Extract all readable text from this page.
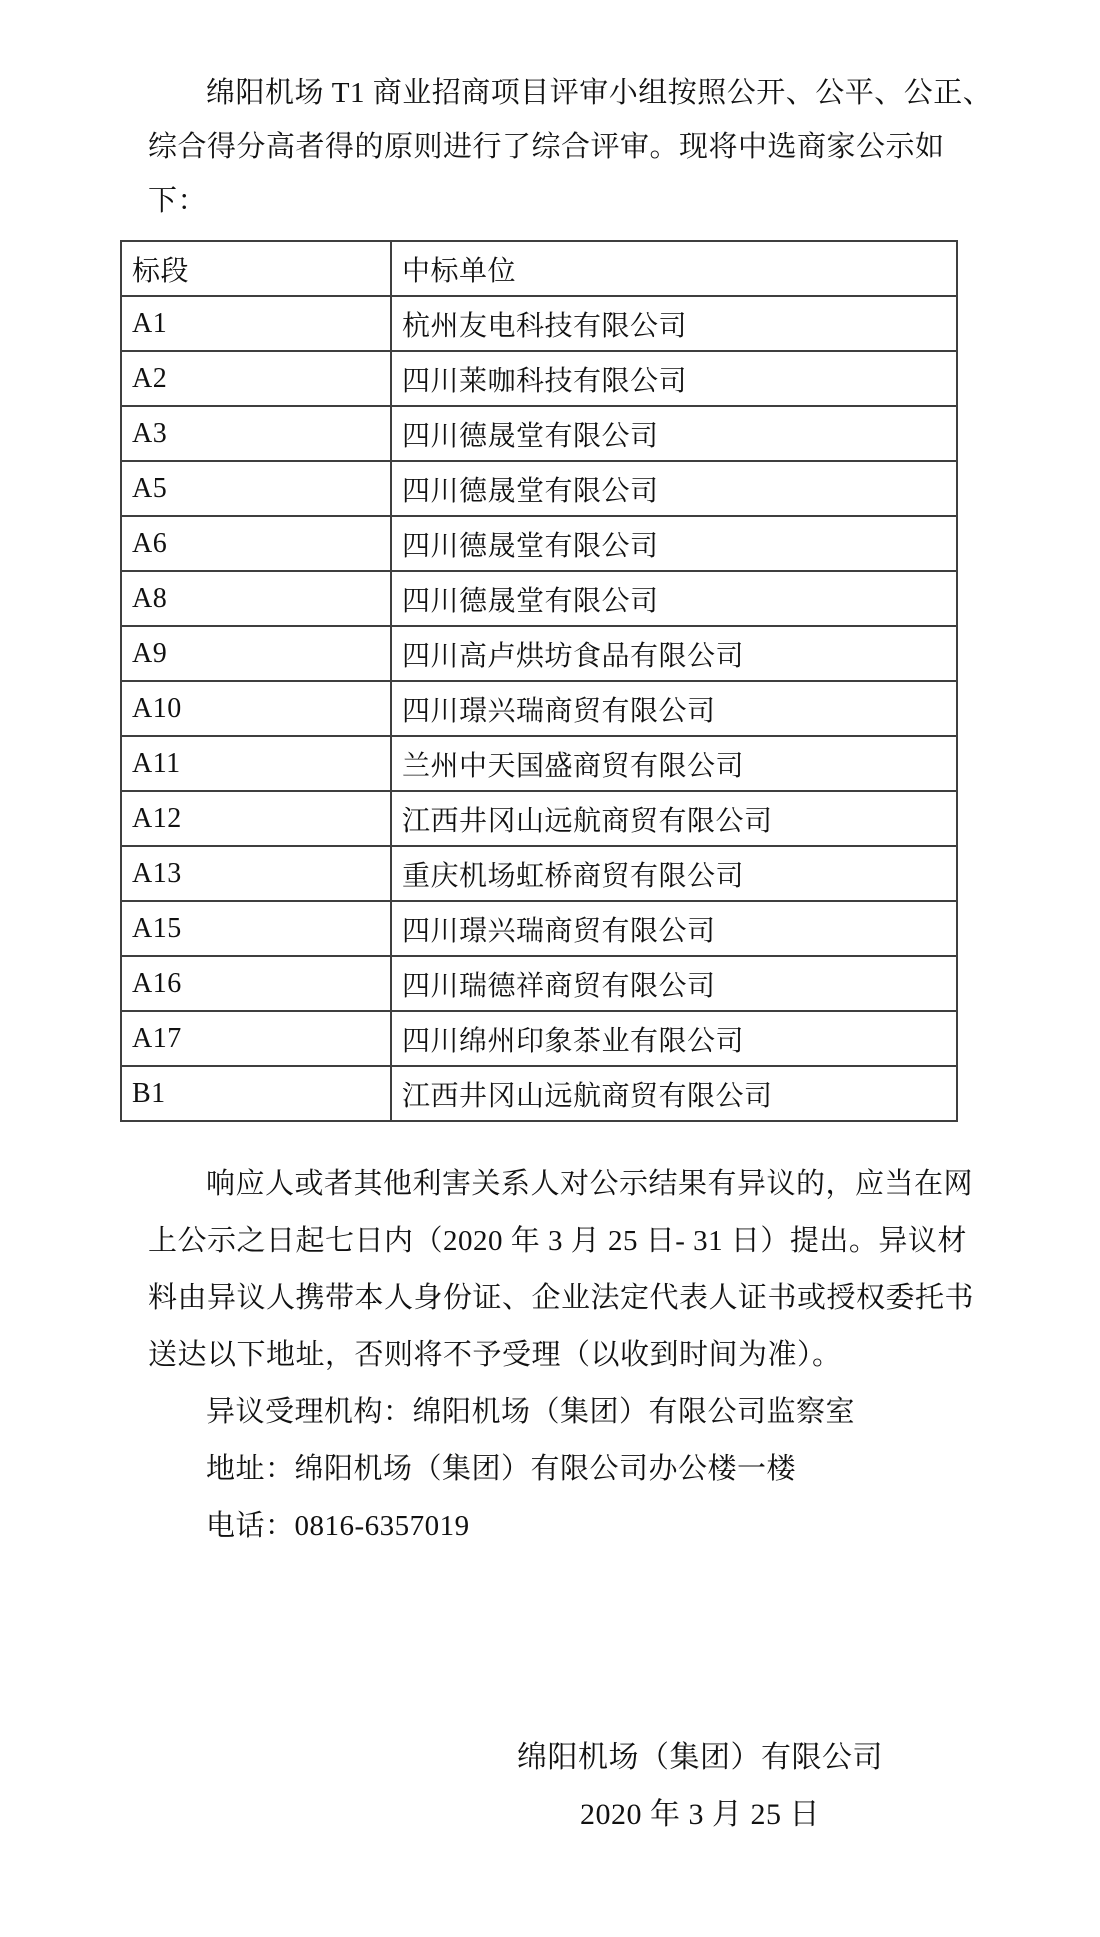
绵阳机场 T1 商业招商项目评审小组按照公开、公平、公正、
综合得分高者得的原则进行了综合评审。现将中选商家公示如
下：
标段	中标单位
A1	杭州友电科技有限公司
A2	四川莱咖科技有限公司
A3	四川德晟堂有限公司
A5	四川德晟堂有限公司
A6	四川德晟堂有限公司
A8	四川德晟堂有限公司
A9	四川高卢烘坊食品有限公司
A10	四川璟兴瑞商贸有限公司
A11	兰州中天国盛商贸有限公司
A12	江西井冈山远航商贸有限公司
A13	重庆机场虹桥商贸有限公司
A15	四川璟兴瑞商贸有限公司
A16	四川瑞德祥商贸有限公司
A17	四川绵州印象茶业有限公司
B1	江西井冈山远航商贸有限公司
响应人或者其他利害关系人对公示结果有异议的，应当在网
上公示之日起七日内（2020 年 3 月 25 日- 31 日）提出。异议材
料由异议人携带本人身份证、企业法定代表人证书或授权委托书
送达以下地址，否则将不予受理（以收到时间为准）。
异议受理机构：绵阳机场（集团）有限公司监察室
地址：绵阳机场（集团）有限公司办公楼一楼
电话：0816-6357019
绵阳机场（集团）有限公司
2020 年 3 月 25 日
